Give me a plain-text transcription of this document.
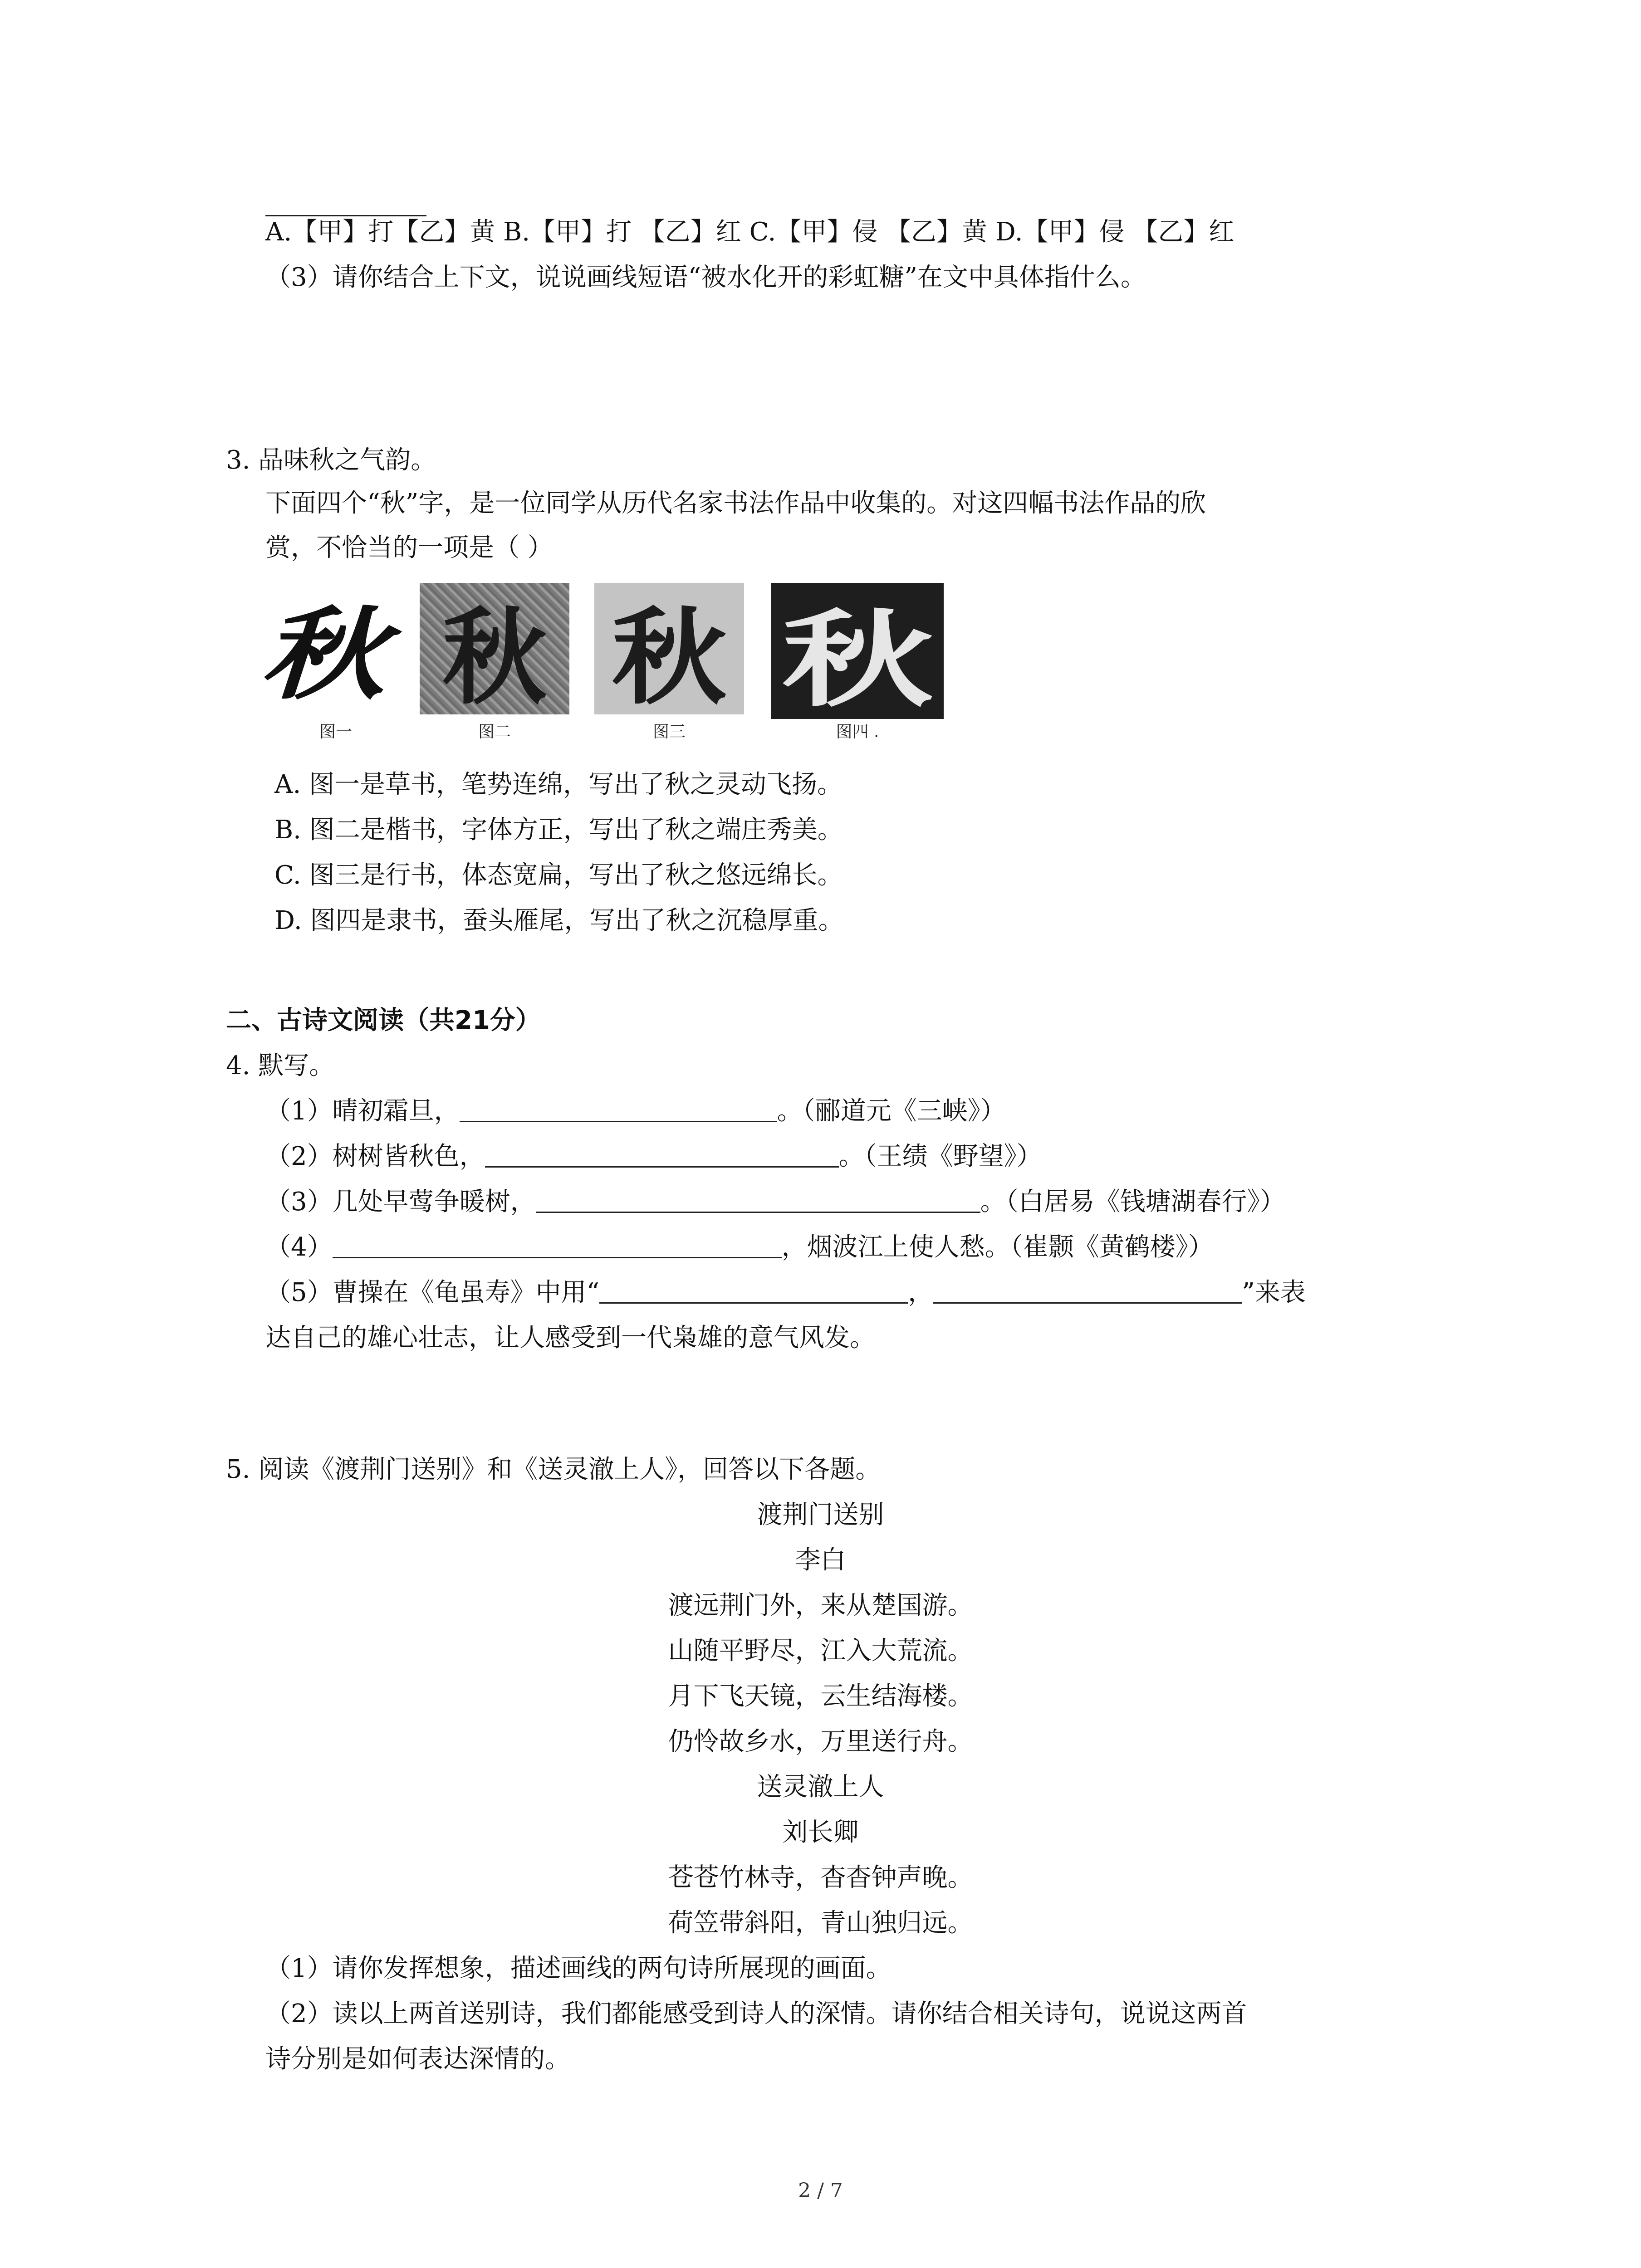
A.【甲】打【乙】黄 B.【甲】打 【乙】红 C.【甲】侵 【乙】黄 D.【甲】侵 【乙】红
（3）请你结合上下文，说说画线短语“被水化开的彩虹糖”在文中具体指什么。
3. 品味秋之气韵。
下面四个“秋”字，是一位同学从历代名家书法作品中收集的。对这四幅书法作品的欣
赏，不恰当的一项是（ ）
秋
图一
秋
图二
秋
图三
秋
图四 .
A. 图一是草书，笔势连绵，写出了秋之灵动飞扬。
B. 图二是楷书，字体方正，写出了秋之端庄秀美。
C. 图三是行书，体态宽扁，写出了秋之悠远绵长。
D. 图四是隶书，蚕头雁尾，写出了秋之沉稳厚重。
二、古诗文阅读（共21分）
4. 默写。
（1）晴初霜旦，	。（郦道元《三峡》）
（2）树树皆秋色，	。（王绩《野望》）
（3）几处早莺争暖树，	。（白居易《钱塘湖春行》）
（4）	，烟波江上使人愁。（崔颢《黄鹤楼》）
（5）曹操在《龟虽寿》中用“	，	”来表
达自己的雄心壮志，让人感受到一代枭雄的意气风发。
5. 阅读《渡荆门送别》和《送灵澈上人》，回答以下各题。
渡荆门送别
李白
渡远荆门外，来从楚国游。
山随平野尽，江入大荒流。
月下飞天镜，云生结海楼。
仍怜故乡水，万里送行舟。
送灵澈上人
刘长卿
苍苍竹林寺，杳杳钟声晚。
荷笠带斜阳，青山独归远。
（1）请你发挥想象，描述画线的两句诗所展现的画面。
（2）读以上两首送别诗，我们都能感受到诗人的深情。请你结合相关诗句，说说这两首
诗分别是如何表达深情的。
2 / 7
